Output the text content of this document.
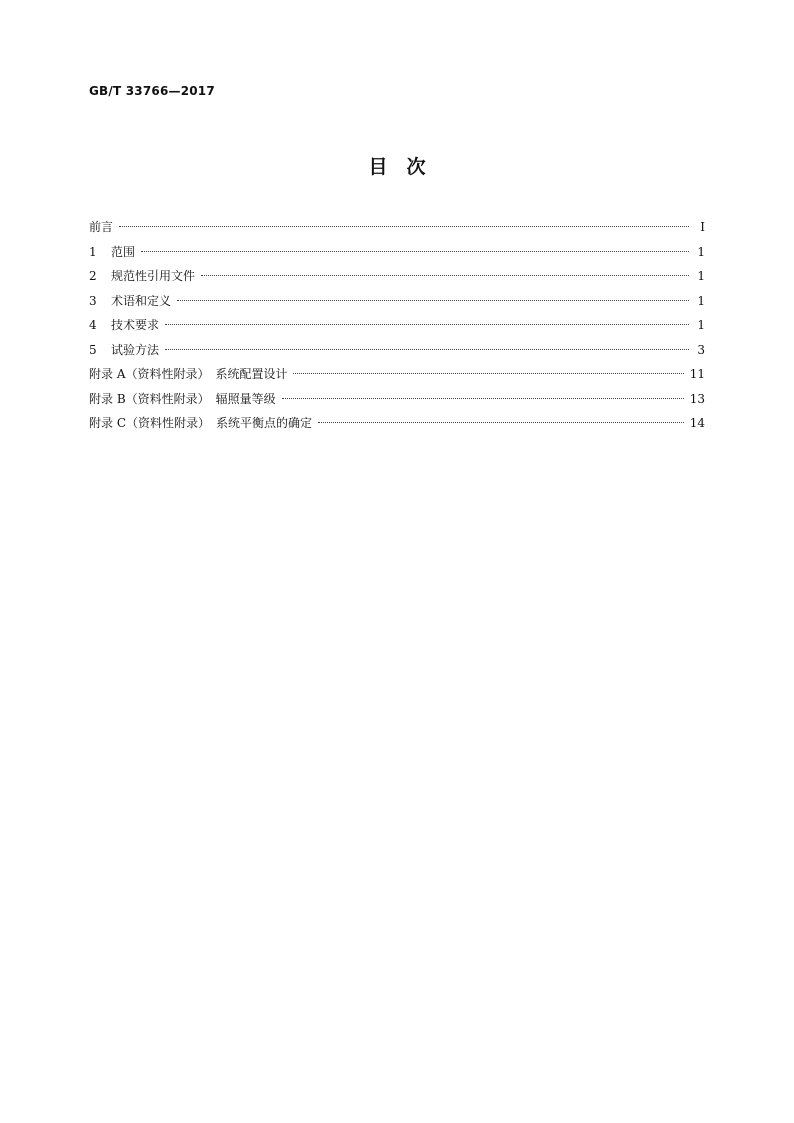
GB/T 33766—2017
目　次
前言	I
1	范围	1
2	规范性引用文件	1
3	术语和定义	1
4	技术要求	1
5	试验方法	3
附录 A（资料性附录）　系统配置设计	11
附录 B（资料性附录）　辐照量等级	13
附录 C（资料性附录）　系统平衡点的确定	14
